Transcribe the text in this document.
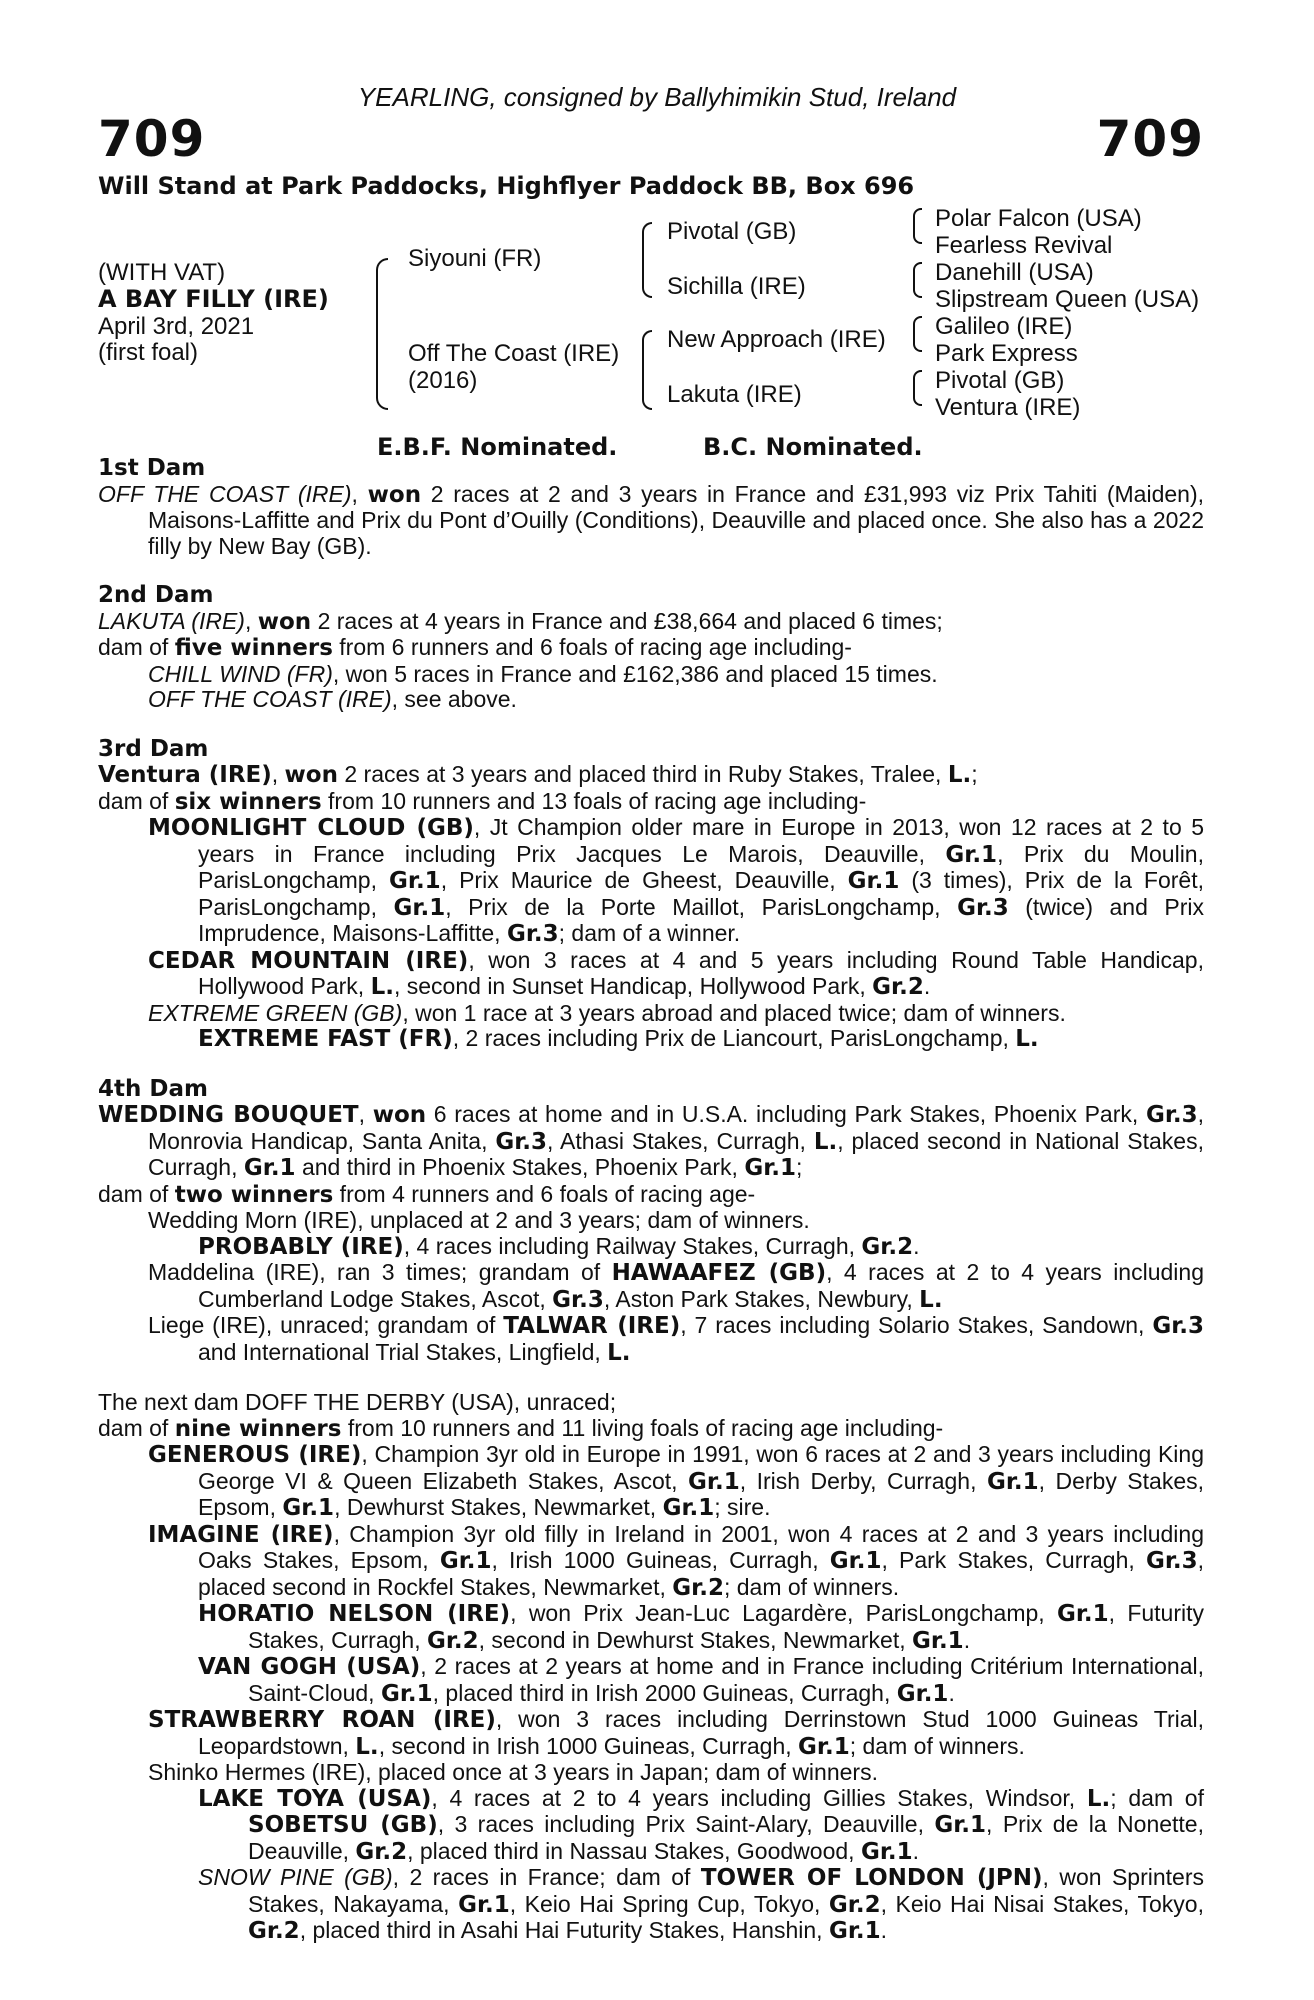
YEARLING, consigned by Ballyhimikin Stud, Ireland
709	709
Will Stand at Park Paddocks, Highflyer Paddock BB, Box 696
(WITH VAT)
A BAY FILLY (IRE)
April 3rd, 2021
(first foal)
Siyouni (FR)
Off The Coast (IRE)
(2016)
Pivotal (GB)
Sichilla (IRE)
New Approach (IRE)
Lakuta (IRE)
Polar Falcon (USA)
Fearless Revival
Danehill (USA)
Slipstream Queen (USA)
Galileo (IRE)
Park Express
Pivotal (GB)
Ventura (IRE)
E.B.F. Nominated.	B.C. Nominated.
1st Dam
OFF THE COAST (IRE), won 2 races at 2 and 3 years in France and £31,993 viz Prix Tahiti (Maiden), Maisons-Laffitte and Prix du Pont d’Ouilly (Conditions), Deauville and placed once. She also has a 2022 filly by New Bay (GB).
2nd Dam
LAKUTA (IRE), won 2 races at 4 years in France and £38,664 and placed 6 times;
dam of five winners from 6 runners and 6 foals of racing age including-
CHILL WIND (FR), won 5 races in France and £162,386 and placed 15 times.
OFF THE COAST (IRE), see above.
3rd Dam
Ventura (IRE), won 2 races at 3 years and placed third in Ruby Stakes, Tralee, L.;
dam of six winners from 10 runners and 13 foals of racing age including-
MOONLIGHT CLOUD (GB), Jt Champion older mare in Europe in 2013, won 12 races at 2 to 5 years in France including Prix Jacques Le Marois, Deauville, Gr.1, Prix du Moulin, ParisLongchamp, Gr.1, Prix Maurice de Gheest, Deauville, Gr.1 (3 times), Prix de la Forêt, ParisLongchamp, Gr.1, Prix de la Porte Maillot, ParisLongchamp, Gr.3 (twice) and Prix Imprudence, Maisons-Laffitte, Gr.3; dam of a winner.
CEDAR MOUNTAIN (IRE), won 3 races at 4 and 5 years including Round Table Handicap, Hollywood Park, L., second in Sunset Handicap, Hollywood Park, Gr.2.
EXTREME GREEN (GB), won 1 race at 3 years abroad and placed twice; dam of winners.
EXTREME FAST (FR), 2 races including Prix de Liancourt, ParisLongchamp, L.
4th Dam
WEDDING BOUQUET, won 6 races at home and in U.S.A. including Park Stakes, Phoenix Park, Gr.3, Monrovia Handicap, Santa Anita, Gr.3, Athasi Stakes, Curragh, L., placed second in National Stakes, Curragh, Gr.1 and third in Phoenix Stakes, Phoenix Park, Gr.1;
dam of two winners from 4 runners and 6 foals of racing age-
Wedding Morn (IRE), unplaced at 2 and 3 years; dam of winners.
PROBABLY (IRE), 4 races including Railway Stakes, Curragh, Gr.2.
Maddelina (IRE), ran 3 times; grandam of HAWAAFEZ (GB), 4 races at 2 to 4 years including Cumberland Lodge Stakes, Ascot, Gr.3, Aston Park Stakes, Newbury, L.
Liege (IRE), unraced; grandam of TALWAR (IRE), 7 races including Solario Stakes, Sandown, Gr.3 and International Trial Stakes, Lingfield, L.
The next dam DOFF THE DERBY (USA), unraced;
dam of nine winners from 10 runners and 11 living foals of racing age including-
GENEROUS (IRE), Champion 3yr old in Europe in 1991, won 6 races at 2 and 3 years including King George VI & Queen Elizabeth Stakes, Ascot, Gr.1, Irish Derby, Curragh, Gr.1, Derby Stakes, Epsom, Gr.1, Dewhurst Stakes, Newmarket, Gr.1; sire.
IMAGINE (IRE), Champion 3yr old filly in Ireland in 2001, won 4 races at 2 and 3 years including Oaks Stakes, Epsom, Gr.1, Irish 1000 Guineas, Curragh, Gr.1, Park Stakes, Curragh, Gr.3, placed second in Rockfel Stakes, Newmarket, Gr.2; dam of winners.
HORATIO NELSON (IRE), won Prix Jean-Luc Lagardère, ParisLongchamp, Gr.1, Futurity Stakes, Curragh, Gr.2, second in Dewhurst Stakes, Newmarket, Gr.1.
VAN GOGH (USA), 2 races at 2 years at home and in France including Critérium International, Saint-Cloud, Gr.1, placed third in Irish 2000 Guineas, Curragh, Gr.1.
STRAWBERRY ROAN (IRE), won 3 races including Derrinstown Stud 1000 Guineas Trial, Leopardstown, L., second in Irish 1000 Guineas, Curragh, Gr.1; dam of winners.
Shinko Hermes (IRE), placed once at 3 years in Japan; dam of winners.
LAKE TOYA (USA), 4 races at 2 to 4 years including Gillies Stakes, Windsor, L.; dam of SOBETSU (GB), 3 races including Prix Saint-Alary, Deauville, Gr.1, Prix de la Nonette, Deauville, Gr.2, placed third in Nassau Stakes, Goodwood, Gr.1.
SNOW PINE (GB), 2 races in France; dam of TOWER OF LONDON (JPN), won Sprinters Stakes, Nakayama, Gr.1, Keio Hai Spring Cup, Tokyo, Gr.2, Keio Hai Nisai Stakes, Tokyo, Gr.2, placed third in Asahi Hai Futurity Stakes, Hanshin, Gr.1.
